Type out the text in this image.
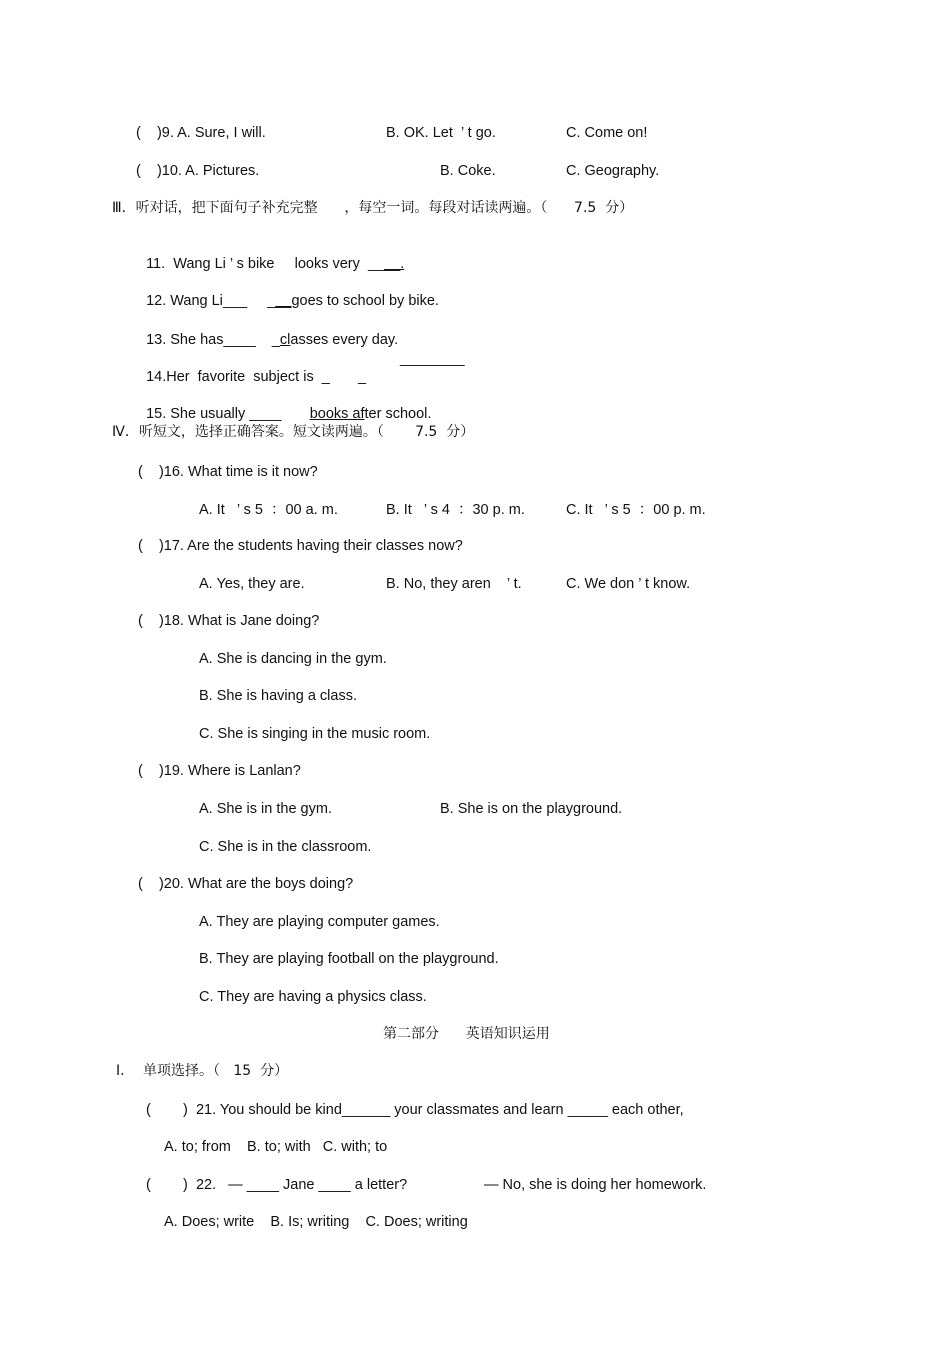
(    )9. A. Sure, I will.	B. OK. Let  ’ t go.	C. Come on!
(    )10. A. Pictures.	B. Coke.	C. Geography.
Ⅲ．听对话，把下面句子补充完整      ，每空一词。每段对话读两遍。（      7.5  分）

11.  Wang Li ’ s bike     looks very  ____.

12. Wang Li___     ___goes to school by bike.

13. She has____    _classes every day.

14.Her  favorite  subject is  _       _

________

15. She usually ____       books after school.

Ⅳ．听短文，选择正确答案。短文读两遍。（       7.5  分）
(    )16. What time is it now?
A. It   ’ s 5  ：00 a. m.	B. It   ’ s 4  ：30 p. m.	C. It   ’ s 5  ：00 p. m.
(    )17. Are the students having their classes now?
A. Yes, they are.	B. No, they aren    ’ t.	C. We don ’ t know.
(    )18. What is Jane doing?
A. She is dancing in the gym.
B. She is having a class.
C. She is singing in the music room.
(    )19. Where is Lanlan?
A. She is in the gym.	B. She is on the playground.
C. She is in the classroom.
(    )20. What are the boys doing?
A. They are playing computer games.
B. They are playing football on the playground.
C. They are having a physics class.
第二部分      英语知识运用
Ⅰ．  单项选择。（   15  分）
(        )  21. You should be kind______ your classmates and learn _____ each other,
A. to; from    B. to; with   C. with; to
(        )  22.   — ____ Jane ____ a letter?	— No, she is doing her homework.
A. Does; write    B. Is; writing    C. Does; writing
